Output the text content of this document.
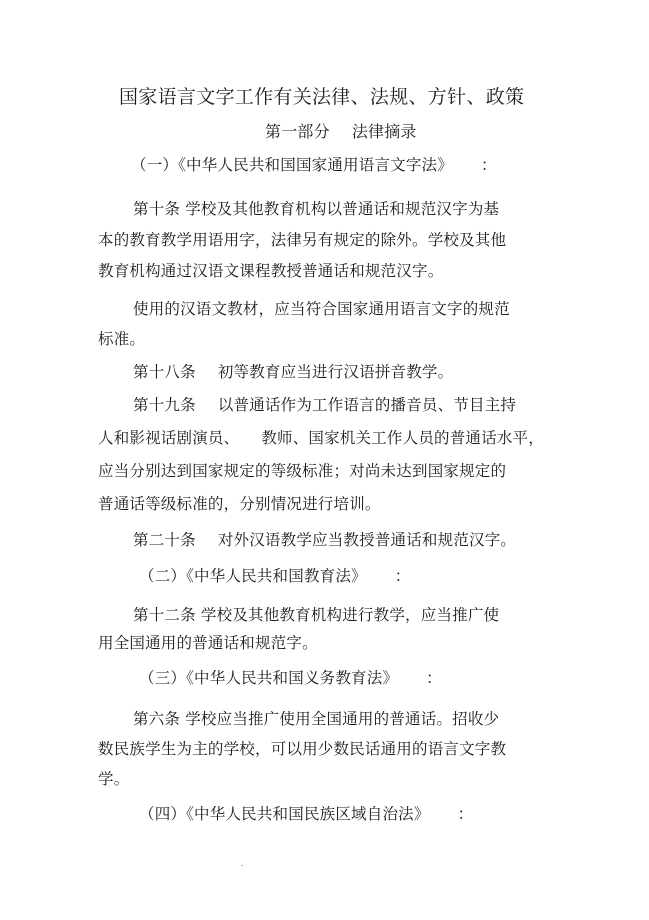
国家语言文字工作有关法律、法规、方针、政策
第一部分 法律摘录
（一）《中华人民共和国国家通用语言文字法》 ：
第十条 学校及其他教育机构以普通话和规范汉字为基
本的教育教学用语用字，法律另有规定的除外。学校及其他
教育机构通过汉语文课程教授普通话和规范汉字。
使用的汉语文教材，应当符合国家通用语言文字的规范
标准。
第十八条 初等教育应当进行汉语拼音教学。
第十九条 以普通话作为工作语言的播音员、节目主持
人和影视话剧演员、 教师、国家机关工作人员的普通话水平，
应当分别达到国家规定的等级标准；对尚未达到国家规定的
普通话等级标准的，分别情况进行培训。
第二十条 对外汉语教学应当教授普通话和规范汉字。
（二）《中华人民共和国教育法》 ：
第十二条 学校及其他教育机构进行教学，应当推广使
用全国通用的普通话和规范字。
（三）《中华人民共和国义务教育法》 ：
第六条 学校应当推广使用全国通用的普通话。招收少
数民族学生为主的学校，可以用少数民话通用的语言文字教
学。
（四）《中华人民共和国民族区域自治法》 ：
.
